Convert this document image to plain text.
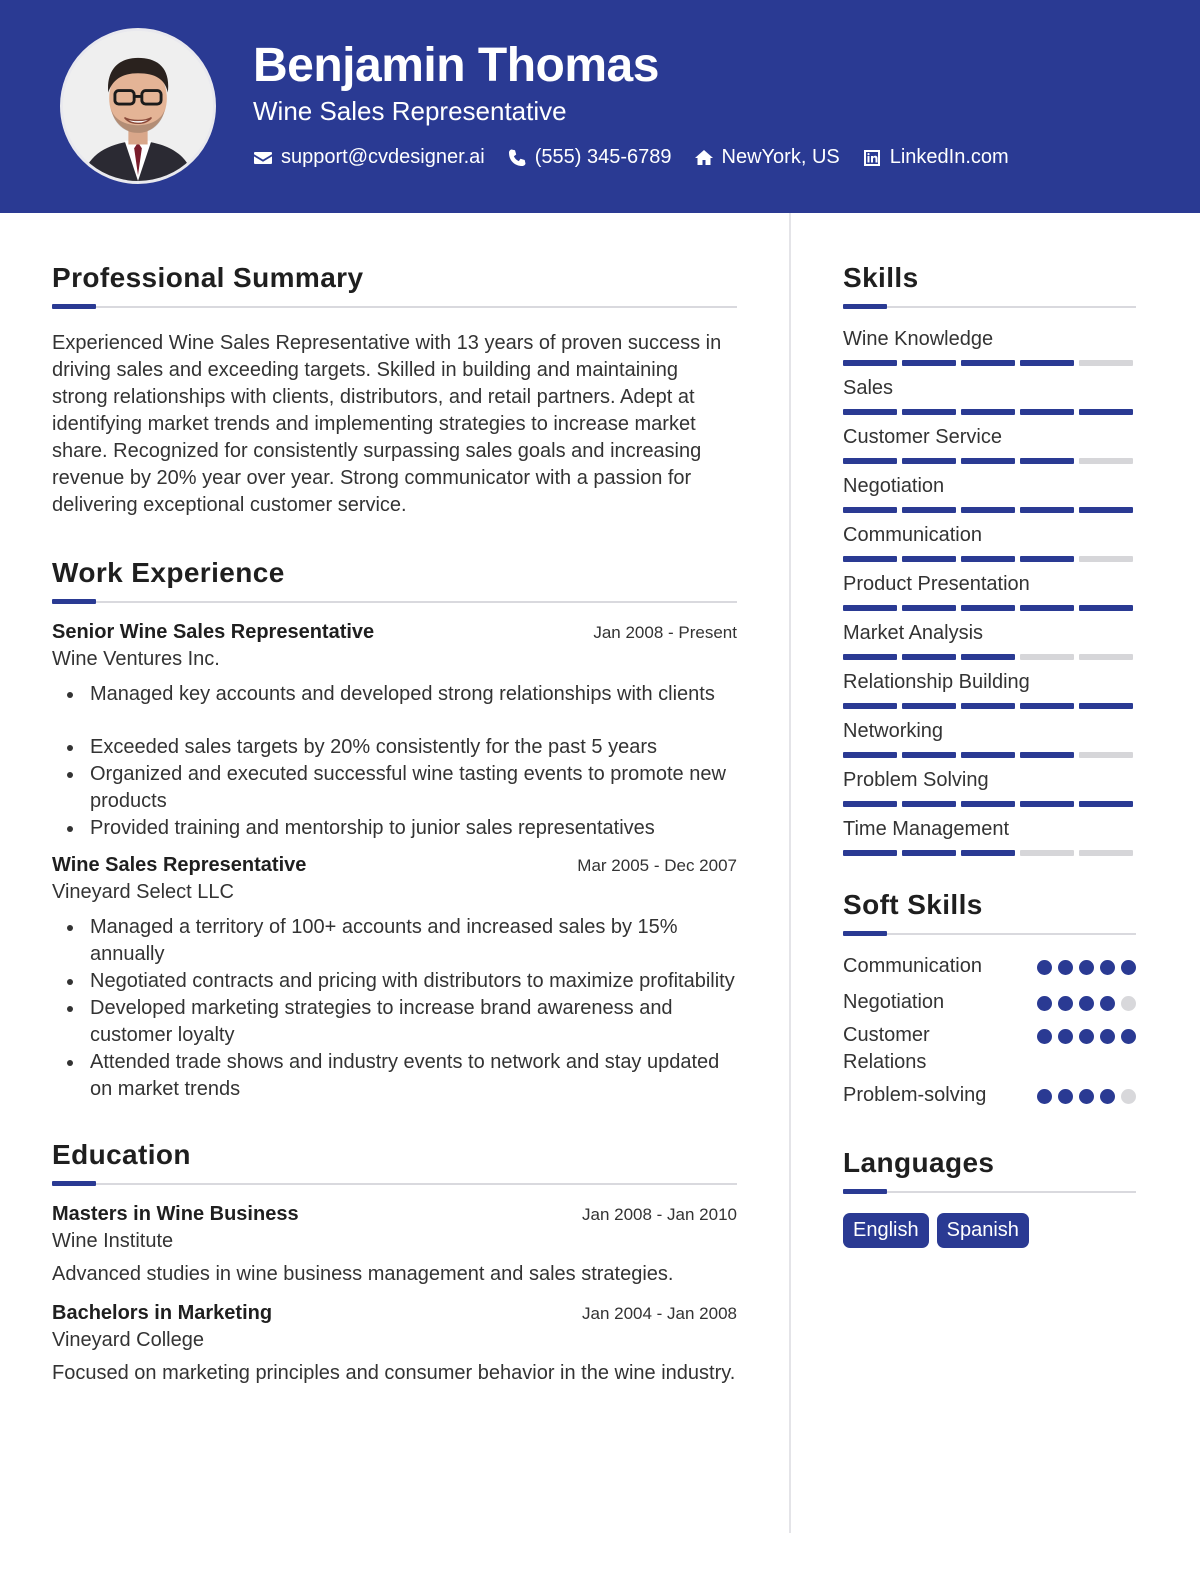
Benjamin Thomas
Wine Sales Representative
support@cvdesigner.ai	(555) 345-6789	NewYork, US	LinkedIn.com
Professional Summary

Experienced Wine Sales Representative with 13 years of proven success in driving sales and exceeding targets. Skilled in building and maintaining strong relationships with clients, distributors, and retail partners. Adept at identifying market trends and implementing strategies to increase market share. Recognized for consistently surpassing sales goals and increasing revenue by 20% year over year. Strong communicator with a passion for delivering exceptional customer service.

Work Experience
Senior Wine Sales Representative	Jan 2008 - Present
Wine Ventures Inc.
Managed key accounts and developed strong relationships with clients
Exceeded sales targets by 20% consistently for the past 5 years
Organized and executed successful wine tasting events to promote new products
Provided training and mentorship to junior sales representatives
Wine Sales Representative	Mar 2005 - Dec 2007
Vineyard Select LLC
Managed a territory of 100+ accounts and increased sales by 15% annually
Negotiated contracts and pricing with distributors to maximize profitability
Developed marketing strategies to increase brand awareness and customer loyalty
Attended trade shows and industry events to network and stay updated on market trends
Education
Masters in Wine Business	Jan 2008 - Jan 2010
Wine Institute

Advanced studies in wine business management and sales strategies.

Bachelors in Marketing	Jan 2004 - Jan 2008
Vineyard College

Focused on marketing principles and consumer behavior in the wine industry.

Skills
Wine Knowledge
Sales
Customer Service
Negotiation
Communication
Product Presentation
Market Analysis
Relationship Building
Networking
Problem Solving
Time Management
Soft Skills
Communication
Negotiation
Customer Relations
Problem-solving
Languages
English	Spanish
